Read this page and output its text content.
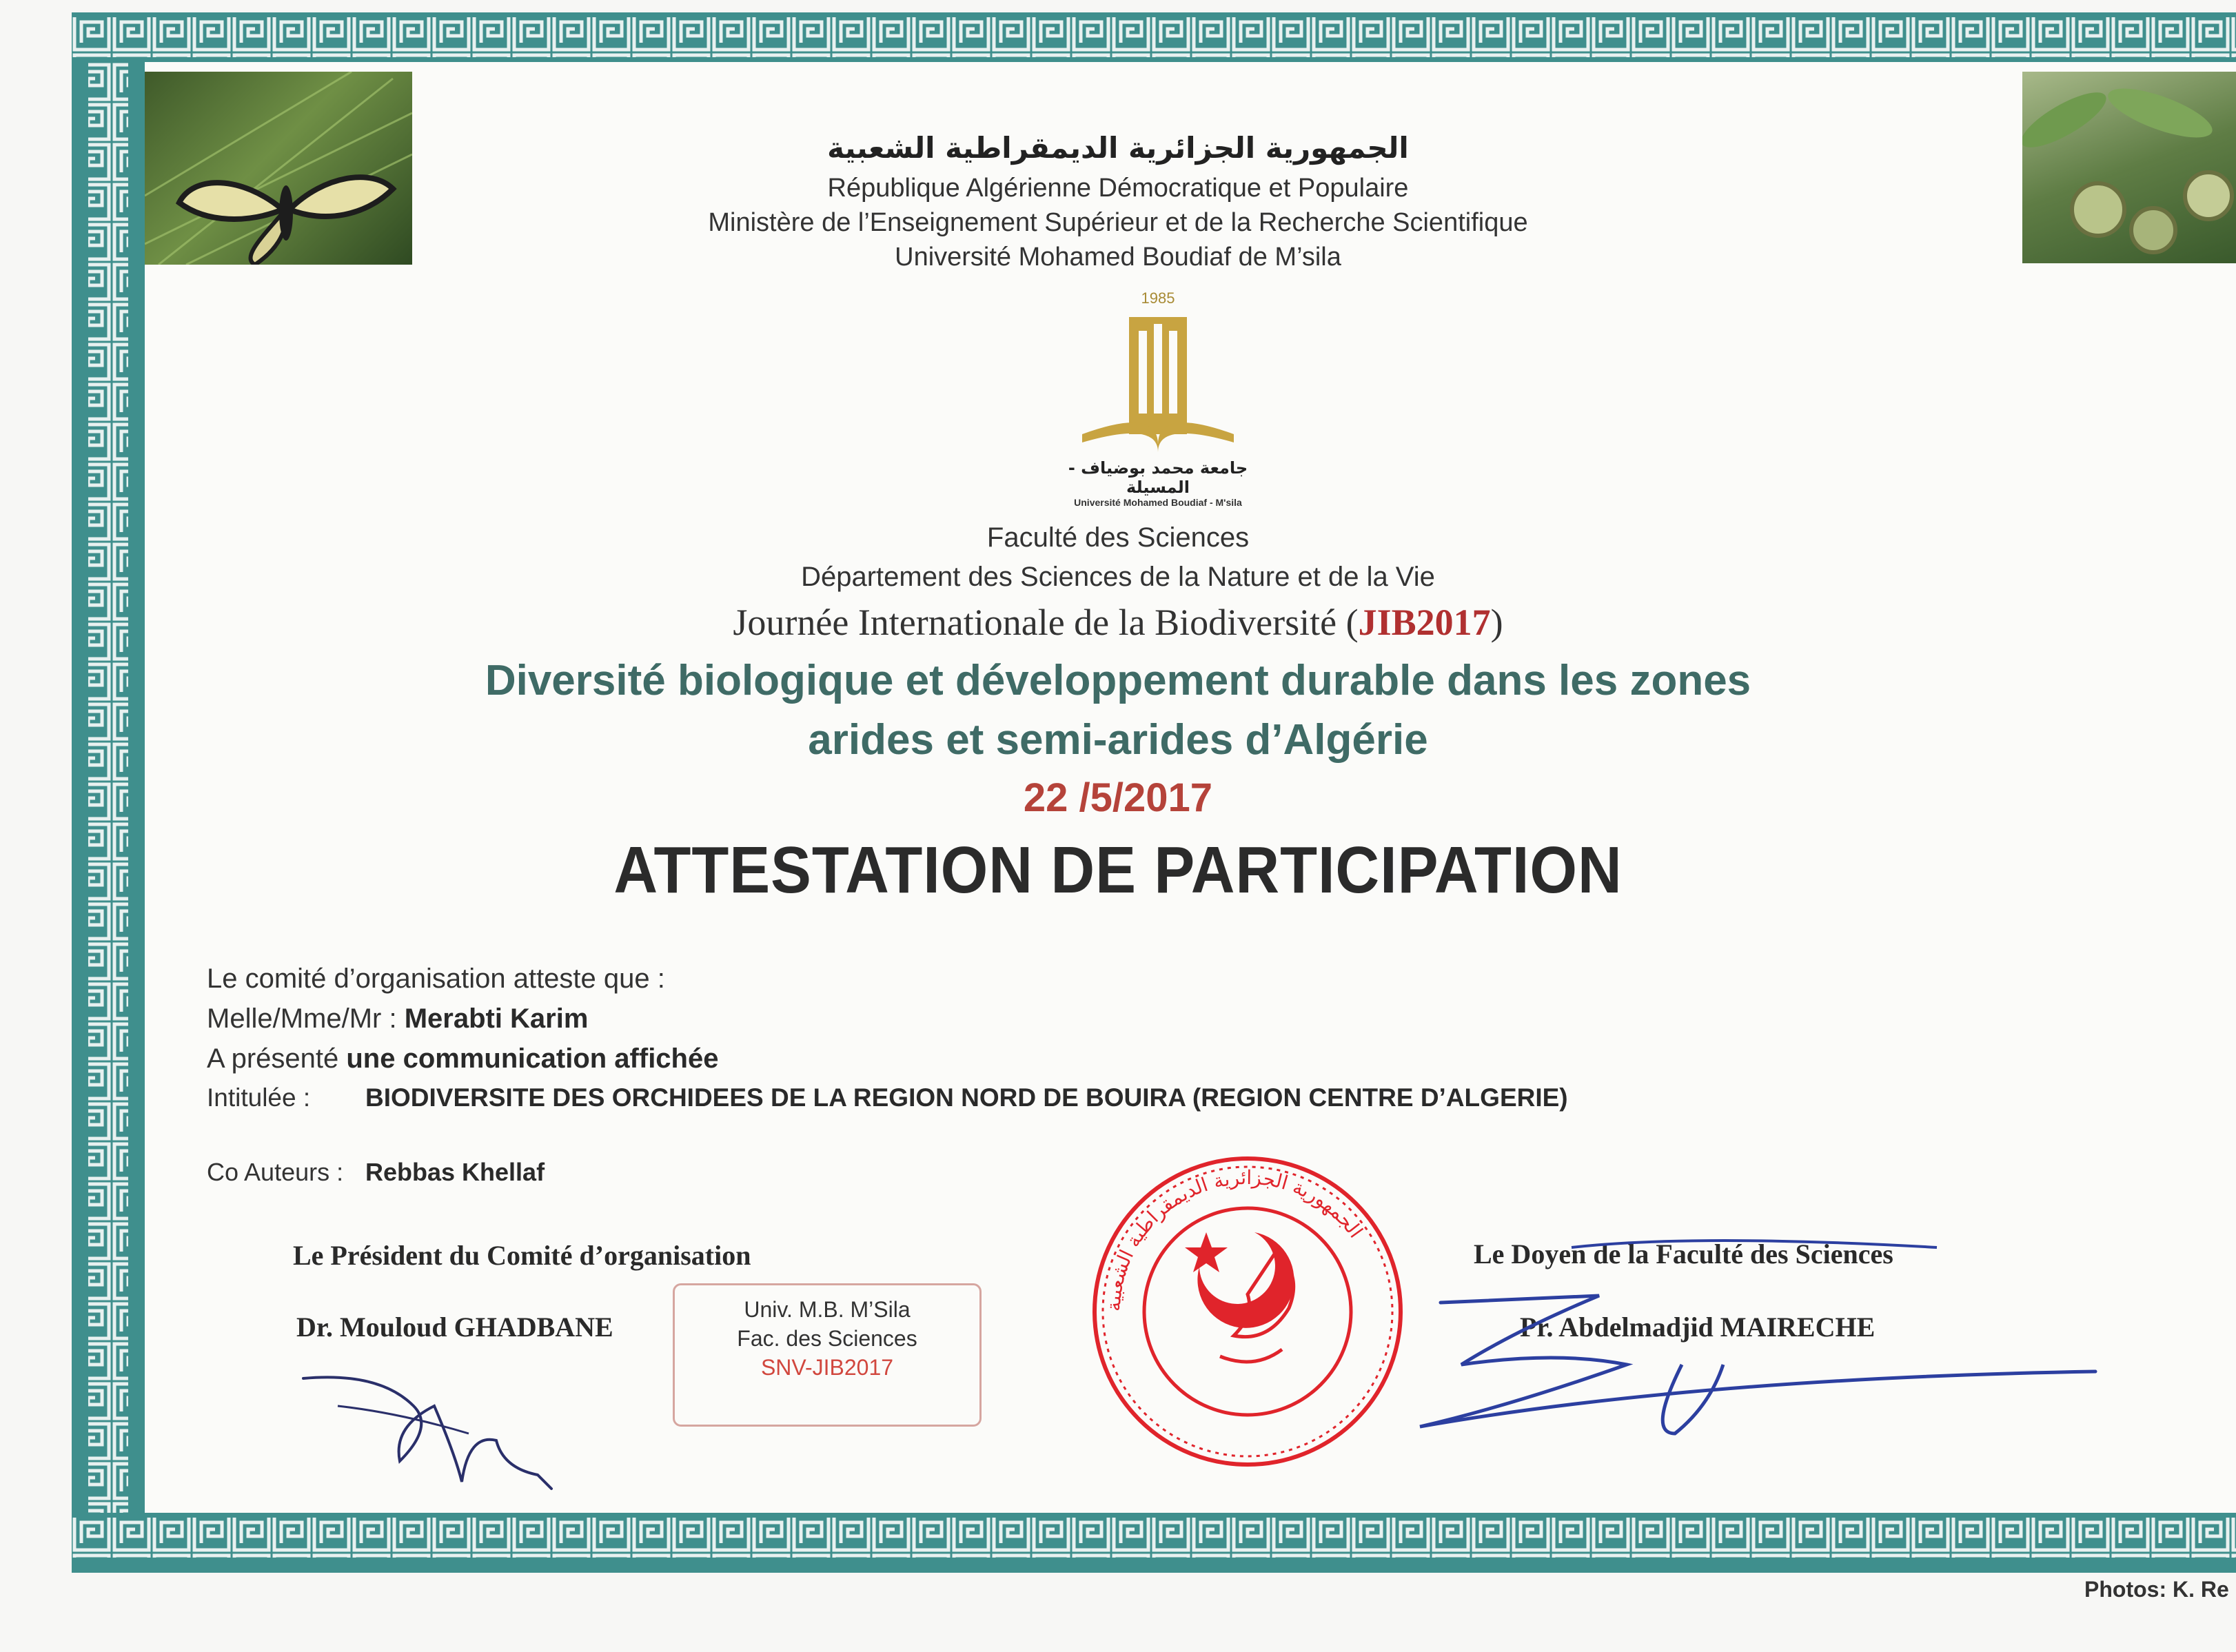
الجمهورية الجزائرية الديمقراطية الشعبية
République Algérienne Démocratique et Populaire
Ministère de l’Enseignement Supérieur et de la Recherche Scientifique
Université Mohamed Boudiaf de M’sila
1985
جامعة محمد بوضياف - المسيلة
Université Mohamed Boudiaf - M'sila
Faculté des Sciences
Département des Sciences de la Nature et de la Vie
Journée Internationale de la Biodiversité (JIB2017)
Diversité biologique et développement durable dans les zones
arides et semi-arides d’Algérie
22 /5/2017
ATTESTATION DE PARTICIPATION
Le comité d’organisation atteste que :
Melle/Mme/Mr : Merabti Karim
A présenté une communication affichée
Intitulée :BIODIVERSITE DES ORCHIDEES DE LA REGION NORD DE BOUIRA (REGION CENTRE D’ALGERIE)
Co Auteurs :Rebbas Khellaf
Le Président du Comité d’organisation
Dr. Mouloud GHADBANE
Le Doyen de la Faculté des Sciences
Pr. Abdelmadjid MAIRECHE
Univ. M.B. M’Sila
Fac. des Sciences
SNV-JIB2017
الجمهورية الجزائرية الديمقراطية الشعبية
Photos: K. Re
